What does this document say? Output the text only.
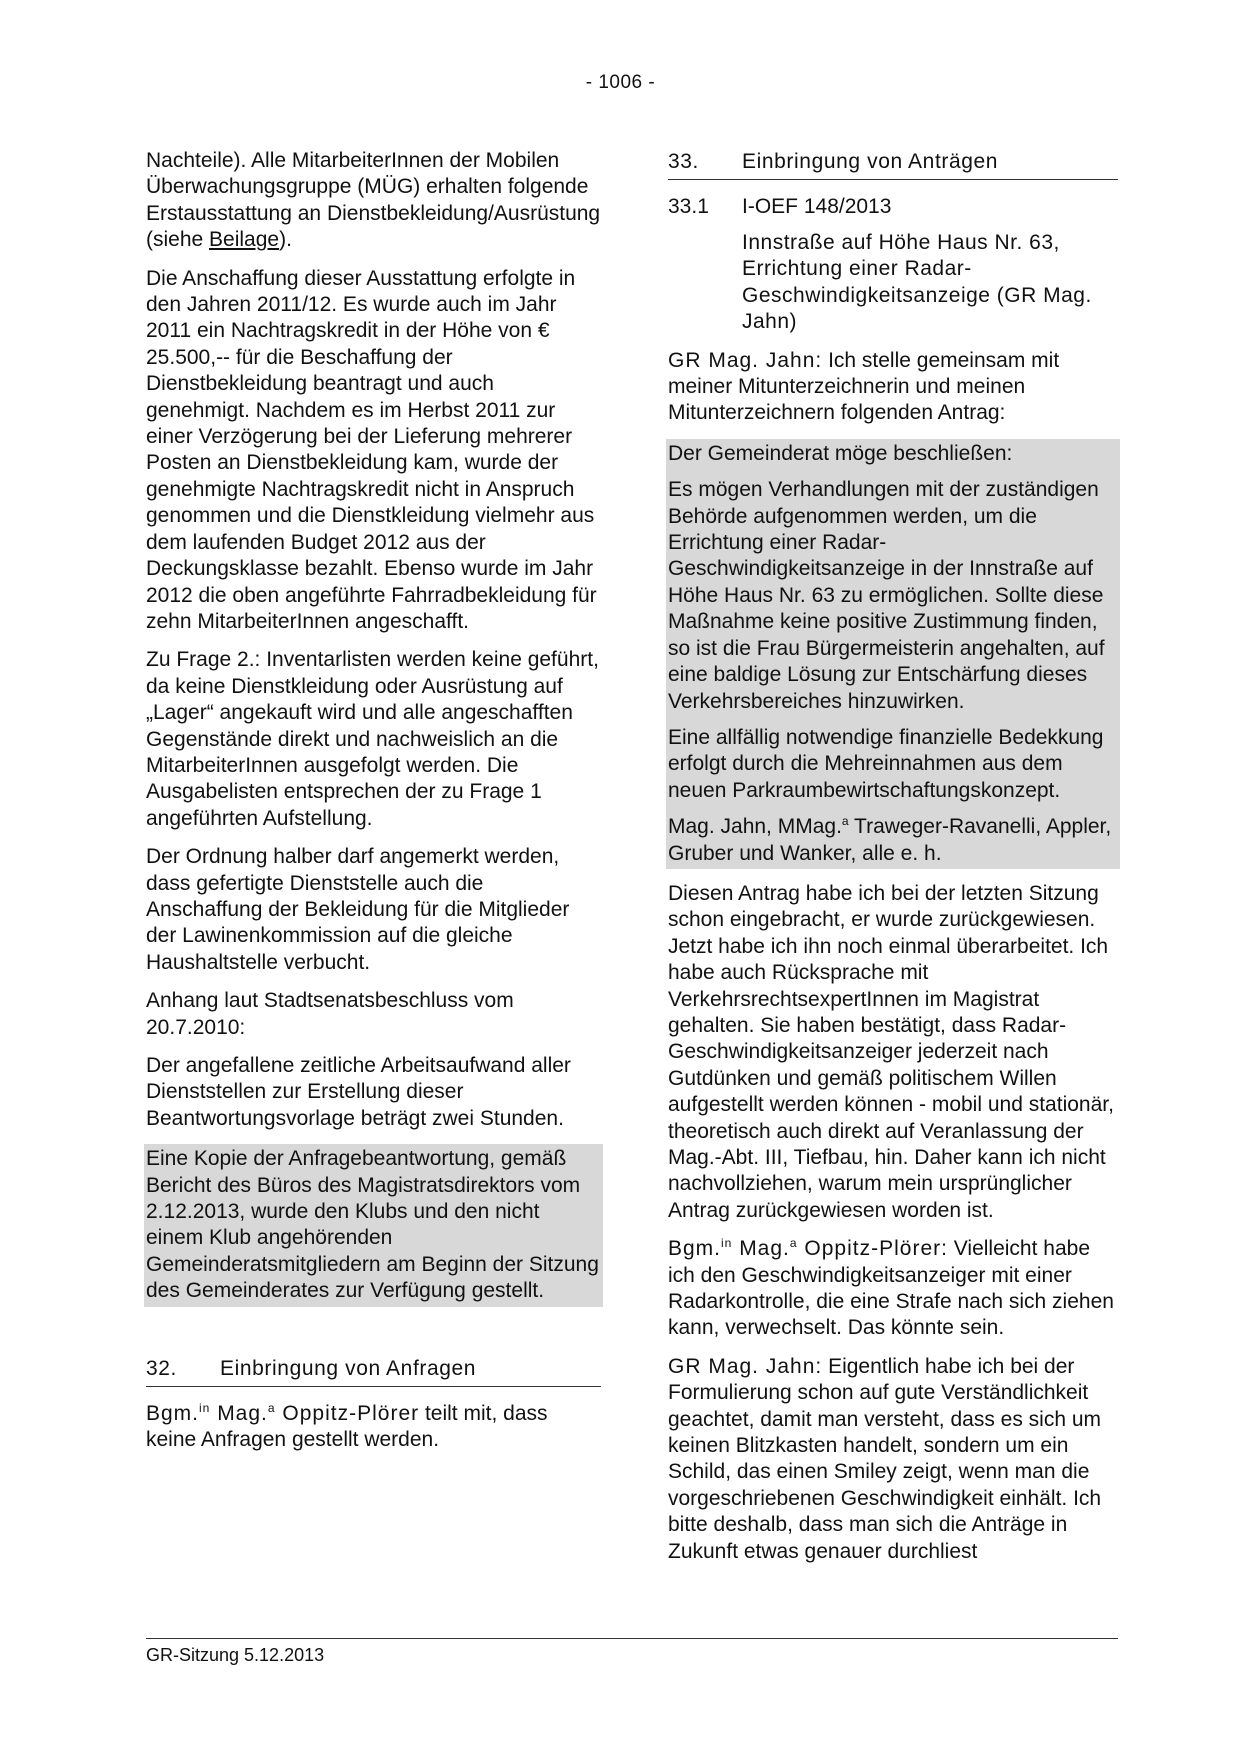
- 1006 -

Nachteile). Alle MitarbeiterInnen der Mobilen Überwachungsgruppe (MÜG) erhalten folgende Erstausstattung an Dienstbekleidung/Ausrüstung (siehe Beilage).

Die Anschaffung dieser Ausstattung erfolgte in den Jahren 2011/12. Es wurde auch im Jahr 2011 ein Nachtragskredit in der Höhe von € 25.500,-- für die Beschaffung der Dienstbekleidung beantragt und auch genehmigt. Nachdem es im Herbst 2011 zur einer Verzögerung bei der Lieferung mehrerer Posten an Dienstbekleidung kam, wurde der genehmigte Nachtragskredit nicht in Anspruch genommen und die Dienstkleidung vielmehr aus dem laufenden Budget 2012 aus der Deckungsklasse bezahlt. Ebenso wurde im Jahr 2012 die oben angeführte Fahrradbekleidung für zehn MitarbeiterInnen angeschafft.

Zu Frage 2.: Inventarlisten werden keine geführt, da keine Dienstkleidung oder Ausrüstung auf „Lager“ angekauft wird und alle angeschafften Gegenstände direkt und nachweislich an die MitarbeiterInnen ausgefolgt werden. Die Ausgabelisten entsprechen der zu Frage 1 angeführten Aufstellung.

Der Ordnung halber darf angemerkt werden, dass gefertigte Dienststelle auch die Anschaffung der Bekleidung für die Mitglieder der Lawinenkommission auf die gleiche Haushaltstelle verbucht.

Anhang laut Stadtsenatsbeschluss vom 20.7.2010:

Der angefallene zeitliche Arbeitsaufwand aller Dienststellen zur Erstellung dieser Beantwortungsvorlage beträgt zwei Stunden.

Eine Kopie der Anfragebeantwortung, gemäß Bericht des Büros des Magistratsdirektors vom 2.12.2013, wurde den Klubs und den nicht einem Klub angehörenden Gemeinderatsmitgliedern am Beginn der Sitzung des Gemeinderates zur Verfügung gestellt.

32.	Einbringung von Anfragen

Bgm.$^{in}$ Mag.$^a$ Oppitz-Plörer teilt mit, dass keine Anfragen gestellt werden.

33.	Einbringung von Anträgen
33.1	I-OEF 148/2013
Innstraße auf Höhe Haus Nr. 63, Errichtung einer Radar-Geschwindigkeitsanzeige (GR Mag. Jahn)

GR Mag. Jahn: Ich stelle gemeinsam mit meiner Mitunterzeichnerin und meinen Mitunterzeichnern folgenden Antrag:

Der Gemeinderat möge beschließen:

Es mögen Verhandlungen mit der zuständigen Behörde aufgenommen werden, um die Errichtung einer Radar-Geschwindigkeitsanzeige in der Innstraße auf Höhe Haus Nr. 63 zu ermöglichen. Sollte diese Maßnahme keine positive Zustimmung finden, so ist die Frau Bürgermeisterin angehalten, auf eine baldige Lösung zur Entschärfung dieses Verkehrsbereiches hinzuwirken.

Eine allfällig notwendige finanzielle Bedekkung erfolgt durch die Mehreinnahmen aus dem neuen Parkraumbewirtschaftungskonzept.

Mag. Jahn, MMag.$^a$ Traweger-Ravanelli, Appler, Gruber und Wanker, alle e. h.

Diesen Antrag habe ich bei der letzten Sitzung schon eingebracht, er wurde zurückgewiesen. Jetzt habe ich ihn noch einmal überarbeitet. Ich habe auch Rücksprache mit VerkehrsrechtsexpertInnen im Magistrat gehalten. Sie haben bestätigt, dass Radar-Geschwindigkeitsanzeiger jederzeit nach Gutdünken und gemäß politischem Willen aufgestellt werden können - mobil und stationär, theoretisch auch direkt auf Veranlassung der Mag.-Abt. III, Tiefbau, hin. Daher kann ich nicht nachvollziehen, warum mein ursprünglicher Antrag zurückgewiesen worden ist.

Bgm.$^{in}$ Mag.$^a$ Oppitz-Plörer: Vielleicht habe ich den Geschwindigkeitsanzeiger mit einer Radarkontrolle, die eine Strafe nach sich ziehen kann, verwechselt. Das könnte sein.

GR Mag. Jahn: Eigentlich habe ich bei der Formulierung schon auf gute Verständlichkeit geachtet, damit man versteht, dass es sich um keinen Blitzkasten handelt, sondern um ein Schild, das einen Smiley zeigt, wenn man die vorgeschriebenen Geschwindigkeit einhält. Ich bitte deshalb, dass man sich die Anträge in Zukunft etwas genauer durchliest

GR-Sitzung 5.12.2013
